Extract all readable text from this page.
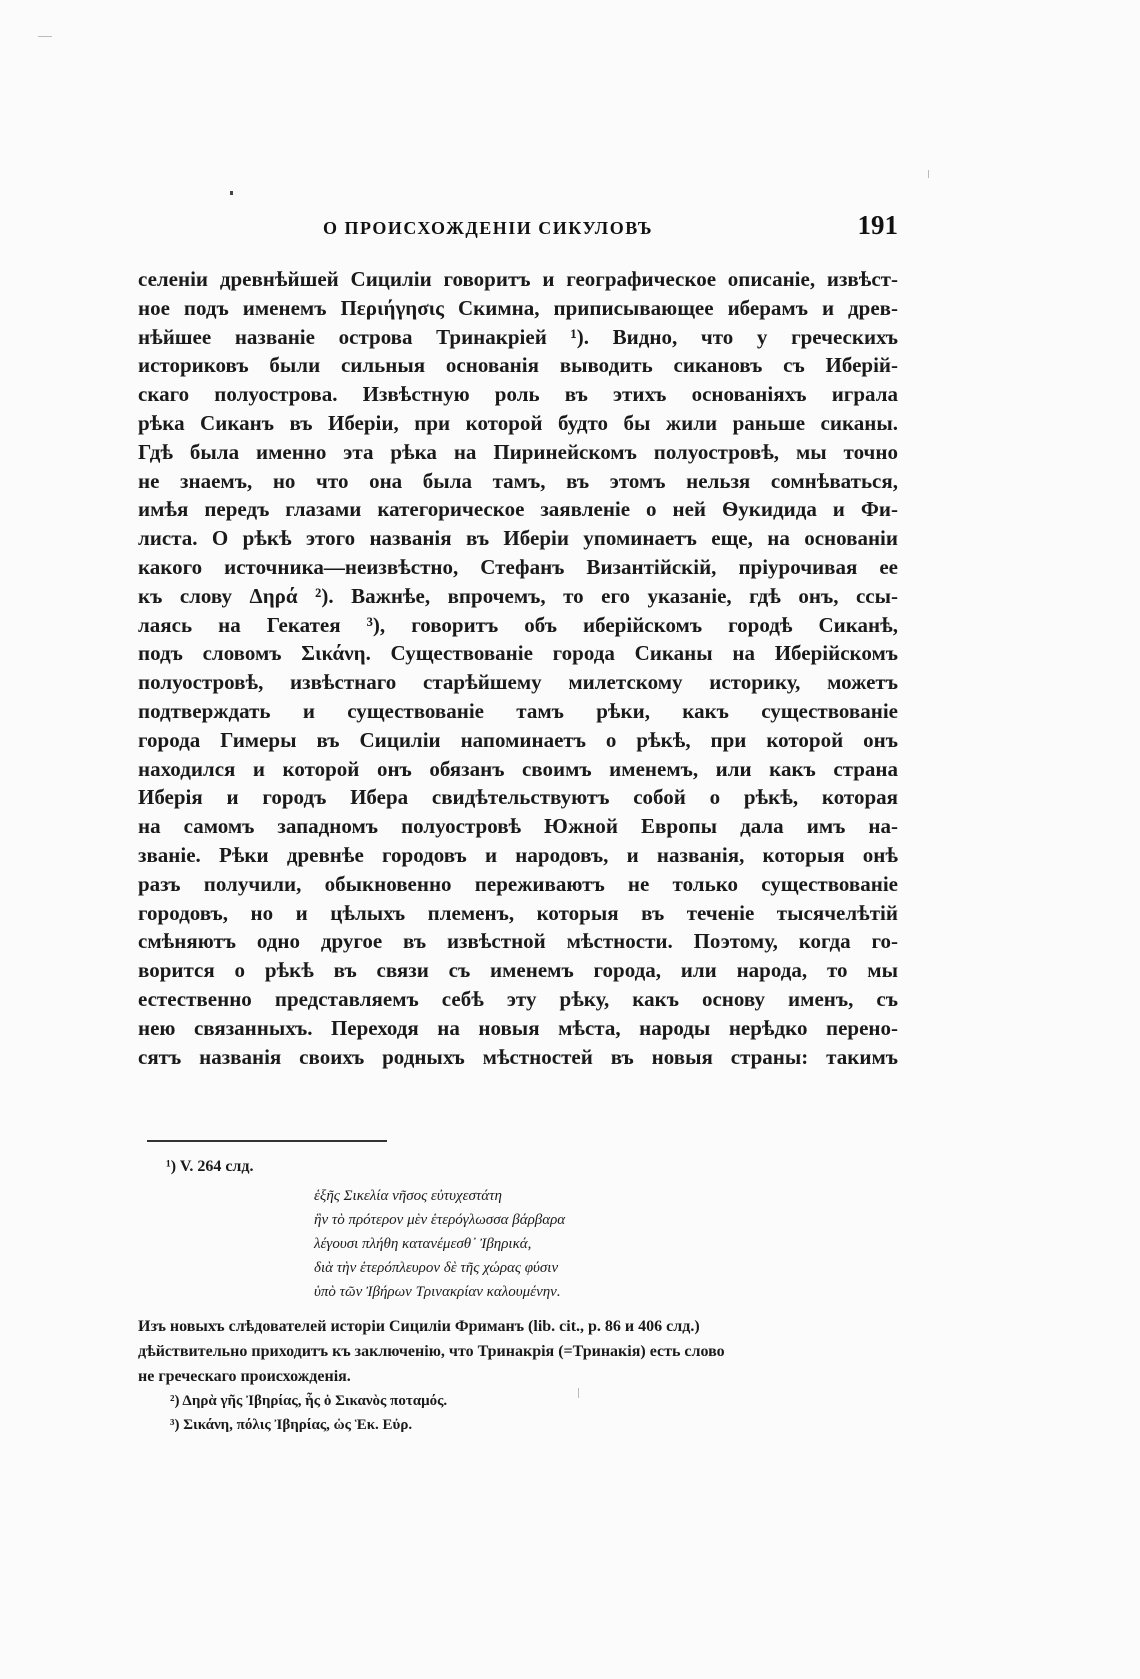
О ПРОИСХОЖДЕНІИ СИКУЛОВЪ	191
селеніи древнѣйшей Сициліи говоритъ и географическое описаніе, извѣст-
ное подъ именемъ Περιήγησις Скимна, приписывающее иберамъ и древ-
нѣйшее названіе острова Тринакріей ¹). Видно, что у греческихъ
историковъ были сильныя основанія выводить сикановъ съ Иберій-
скаго полуострова. Извѣстную роль въ этихъ основаніяхъ играла
рѣка Сиканъ въ Иберіи, при которой будто бы жили раньше сиканы.
Гдѣ была именно эта рѣка на Пиринейскомъ полуостровѣ, мы точно
не знаемъ, но что она была тамъ, въ этомъ нельзя сомнѣваться,
имѣя передъ глазами категорическое заявленіе о ней Ѳукидида и Фи-
листа. О рѣкѣ этого названія въ Иберіи упоминаетъ еще, на основаніи
какого источника—неизвѣстно, Стефанъ Византійскій, пріурочивая ее
къ слову Δηρά ²). Важнѣе, впрочемъ, то его указаніе, гдѣ онъ, ссы-
лаясь на Гекатея ³), говоритъ объ иберійскомъ городѣ Сиканѣ,
подъ словомъ Σικάνη. Существованіе города Сиканы на Иберійскомъ
полуостровѣ, извѣстнаго старѣйшему милетскому историку, можетъ
подтверждать и существованіе тамъ рѣки, какъ существованіе
города Гимеры въ Сициліи напоминаетъ о рѣкѣ, при которой онъ
находился и которой онъ обязанъ своимъ именемъ, или какъ страна
Иберія и городъ Ибера свидѣтельствуютъ собой о рѣкѣ, которая
на самомъ западномъ полуостровѣ Южной Европы дала имъ на-
званіе. Рѣки древнѣе городовъ и народовъ, и названія, которыя онѣ
разъ получили, обыкновенно переживаютъ не только существованіе
городовъ, но и цѣлыхъ племенъ, которыя въ теченіе тысячелѣтій
смѣняютъ одно другое въ извѣстной мѣстности. Поэтому, когда го-
ворится о рѣкѣ въ связи съ именемъ города, или народа, то мы
естественно представляемъ себѣ эту рѣку, какъ основу именъ, съ
нею связанныхъ. Переходя на новыя мѣста, народы нерѣдко перено-
сятъ названія своихъ родныхъ мѣстностей въ новыя страны: такимъ
¹) V. 264 слд.
ἑξῆς Σικελία νῆσος εὐτυχεστάτη
ἣν τὸ πρότερον μὲν ἑτερόγλωσσα βάρβαρα
λέγουσι πλήθη κατανέμεσθ᾽ Ἰβηρικά,
διὰ τὴν ἑτερόπλευρον δὲ τῆς χώρας φύσιν
ὑπὸ τῶν Ἰβήρων Τρινακρίαν καλουμένην.
Изъ новыхъ слѣдователей исторіи Сициліи Фриманъ (lib. cit., p. 86 и 406 слд.)
дѣйствительно приходитъ къ заключенію, что Тринакрія (=Тринакія) есть слово
не греческаго происхожденія.
²) Δηρὰ γῆς Ἰβηρίας, ἧς ὁ Σικανὸς ποταμός.
³) Σικάνη, πόλις Ἰβηρίας, ὡς Ἑκ. Εὐρ.
